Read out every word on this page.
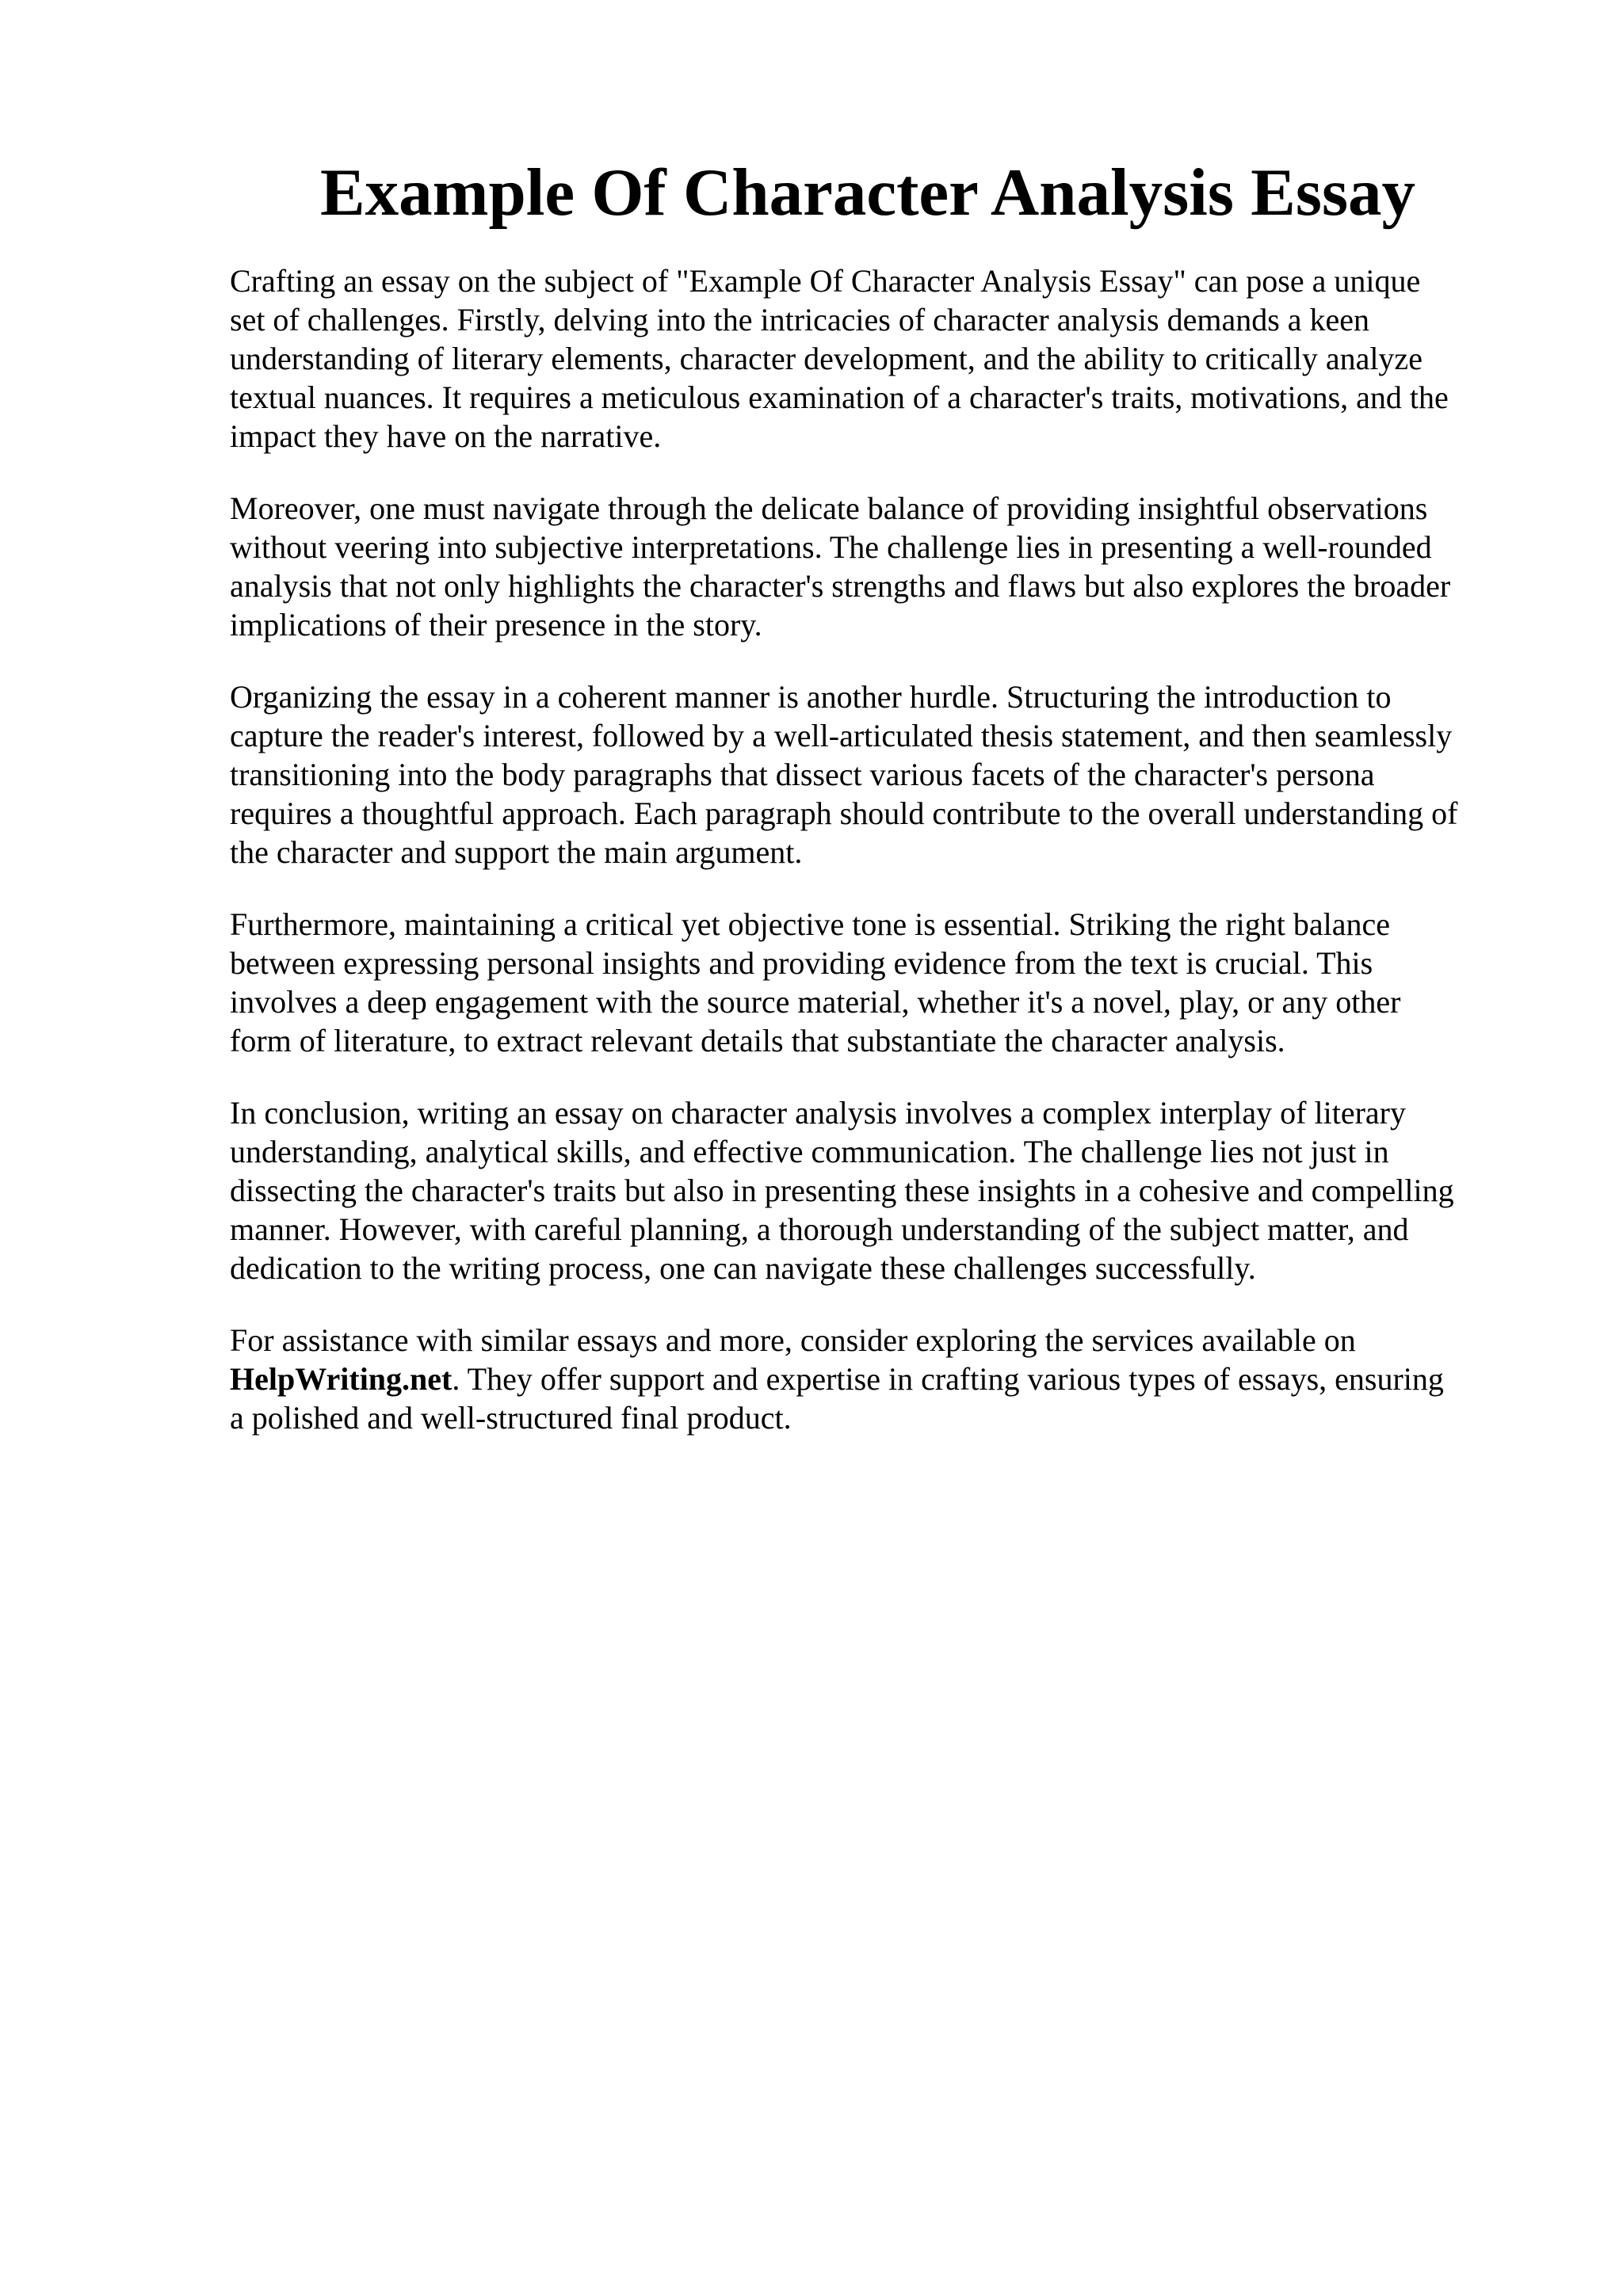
Example Of Character Analysis Essay

Crafting an essay on the subject of "Example Of Character Analysis Essay" can pose a unique
set of challenges. Firstly, delving into the intricacies of character analysis demands a keen
understanding of literary elements, character development, and the ability to critically analyze
textual nuances. It requires a meticulous examination of a character's traits, motivations, and the
impact they have on the narrative.

Moreover, one must navigate through the delicate balance of providing insightful observations
without veering into subjective interpretations. The challenge lies in presenting a well-rounded
analysis that not only highlights the character's strengths and flaws but also explores the broader
implications of their presence in the story.

Organizing the essay in a coherent manner is another hurdle. Structuring the introduction to
capture the reader's interest, followed by a well-articulated thesis statement, and then seamlessly
transitioning into the body paragraphs that dissect various facets of the character's persona
requires a thoughtful approach. Each paragraph should contribute to the overall understanding of
the character and support the main argument.

Furthermore, maintaining a critical yet objective tone is essential. Striking the right balance
between expressing personal insights and providing evidence from the text is crucial. This
involves a deep engagement with the source material, whether it's a novel, play, or any other
form of literature, to extract relevant details that substantiate the character analysis.

In conclusion, writing an essay on character analysis involves a complex interplay of literary
understanding, analytical skills, and effective communication. The challenge lies not just in
dissecting the character's traits but also in presenting these insights in a cohesive and compelling
manner. However, with careful planning, a thorough understanding of the subject matter, and
dedication to the writing process, one can navigate these challenges successfully.

For assistance with similar essays and more, consider exploring the services available on
HelpWriting.net. They offer support and expertise in crafting various types of essays, ensuring
a polished and well-structured final product.
